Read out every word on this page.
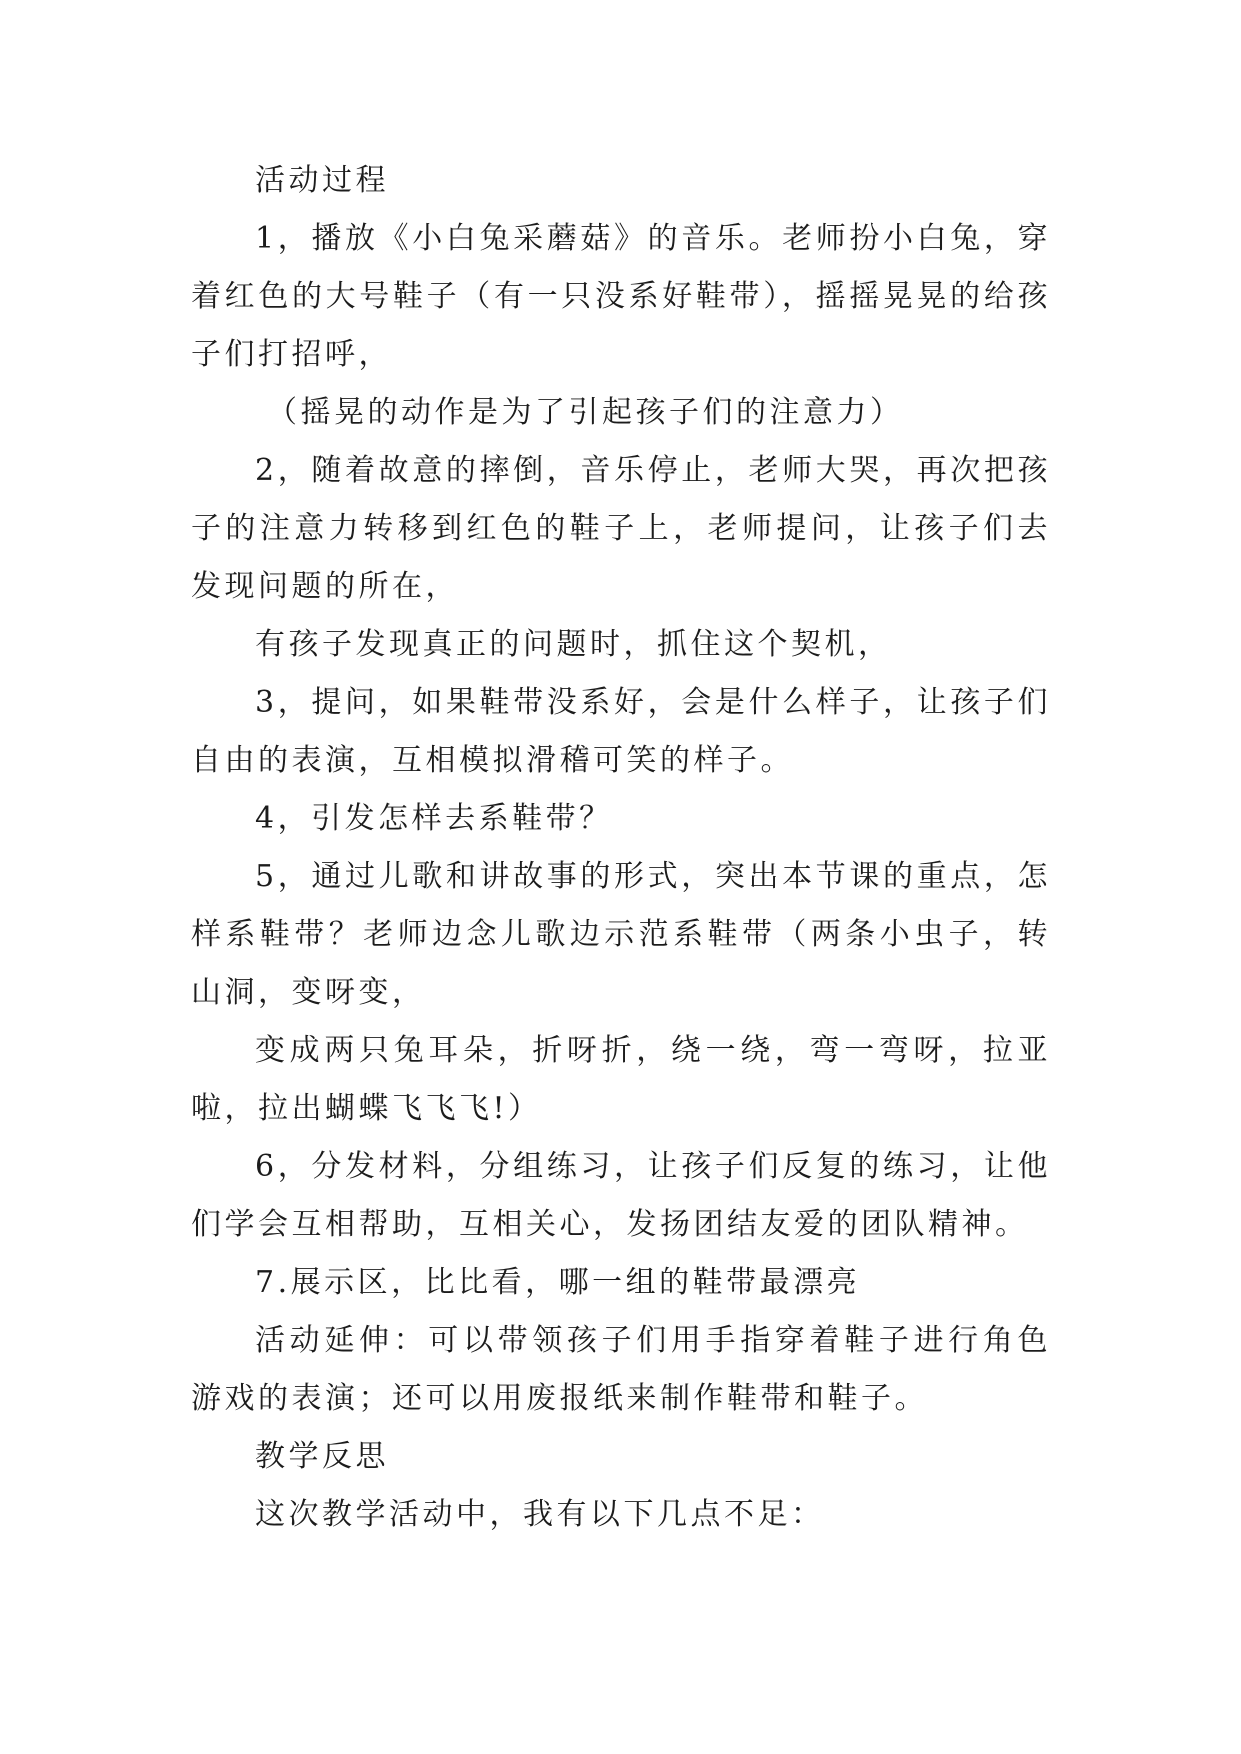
活动过程

1，播放《小白兔采蘑菇》的音乐。老师扮小白兔，穿着红色的大号鞋子（有一只没系好鞋带），摇摇晃晃的给孩子们打招呼，

（摇晃的动作是为了引起孩子们的注意力）

2，随着故意的摔倒，音乐停止，老师大哭，再次把孩子的注意力转移到红色的鞋子上，老师提问，让孩子们去发现问题的所在，

有孩子发现真正的问题时，抓住这个契机，

3，提问，如果鞋带没系好，会是什么样子，让孩子们自由的表演，互相模拟滑稽可笑的样子。

4，引发怎样去系鞋带？

5，通过儿歌和讲故事的形式，突出本节课的重点，怎样系鞋带？老师边念儿歌边示范系鞋带（两条小虫子，转山洞，变呀变，

变成两只兔耳朵，折呀折，绕一绕，弯一弯呀，拉亚啦，拉出蝴蝶飞飞飞!）

6，分发材料，分组练习，让孩子们反复的练习，让他们学会互相帮助，互相关心，发扬团结友爱的团队精神。

7.展示区，比比看，哪一组的鞋带最漂亮

活动延伸：可以带领孩子们用手指穿着鞋子进行角色游戏的表演；还可以用废报纸来制作鞋带和鞋子。

教学反思

这次教学活动中，我有以下几点不足：
